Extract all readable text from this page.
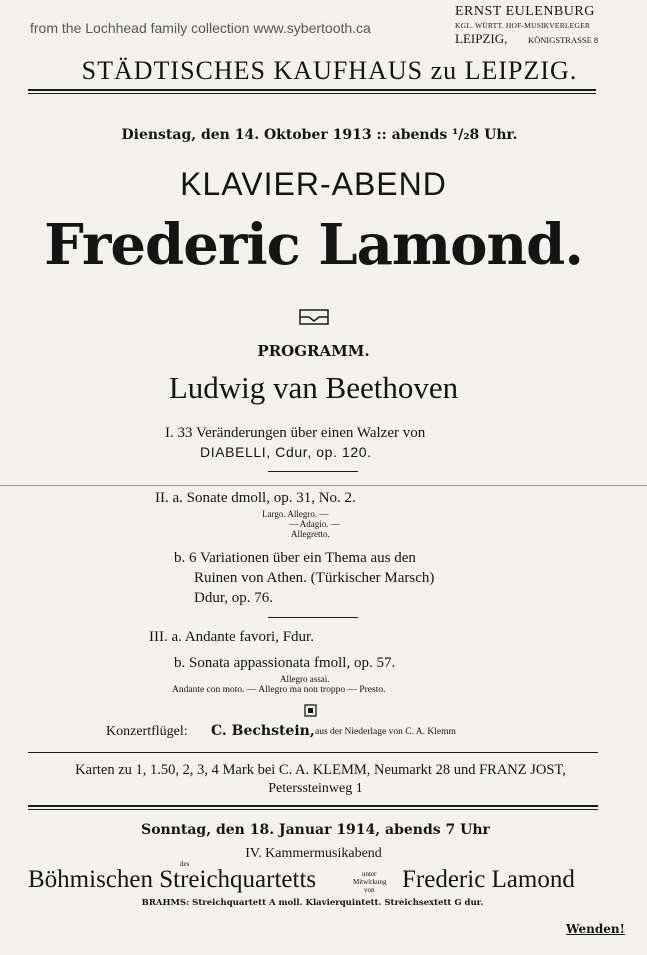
from the Lochhead family collection www.sybertooth.ca
ERNST EULENBURG
KGL. WÜRTT. HOF-MUSIKVERLEGER
LEIPZIG, KÖNIGSTRASSE 8
STÄDTISCHES KAUFHAUS zu LEIPZIG.
Dienstag, den 14. Oktober 1913 :: abends ¹/₂8 Uhr.
KLAVIER-ABEND
Frederic Lamond.
PROGRAMM.
Ludwig van Beethoven
I. 33 Veränderungen über einen Walzer von
DIABELLI, Cdur, op. 120.
II. a. Sonate dmoll, op. 31, No. 2.
Largo. Allegro. —
— Adagio. —
Allegretto.
b. 6 Variationen über ein Thema aus den
Ruinen von Athen. (Türkischer Marsch)
Ddur, op. 76.
III. a. Andante favori, Fdur.
b. Sonata appassionata fmoll, op. 57.
Allegro assai.
Andante con moto. — Allegro ma non troppo — Presto.
Konzertflügel: C. Bechstein, aus der Niederlage von C. A. Klemm
Karten zu 1, 1.50, 2, 3, 4 Mark bei C. A. KLEMM, Neumarkt 28 und FRANZ JOST,
Peterssteinweg 1
Sonntag, den 18. Januar 1914, abends 7 Uhr
IV. Kammermusikabend
des
Böhmischen Streichquartetts	unter
Mitwirkung
von Frederic Lamond
BRAHMS: Streichquartett A moll. Klavierquintett. Streichsextett G dur.
Wenden!
